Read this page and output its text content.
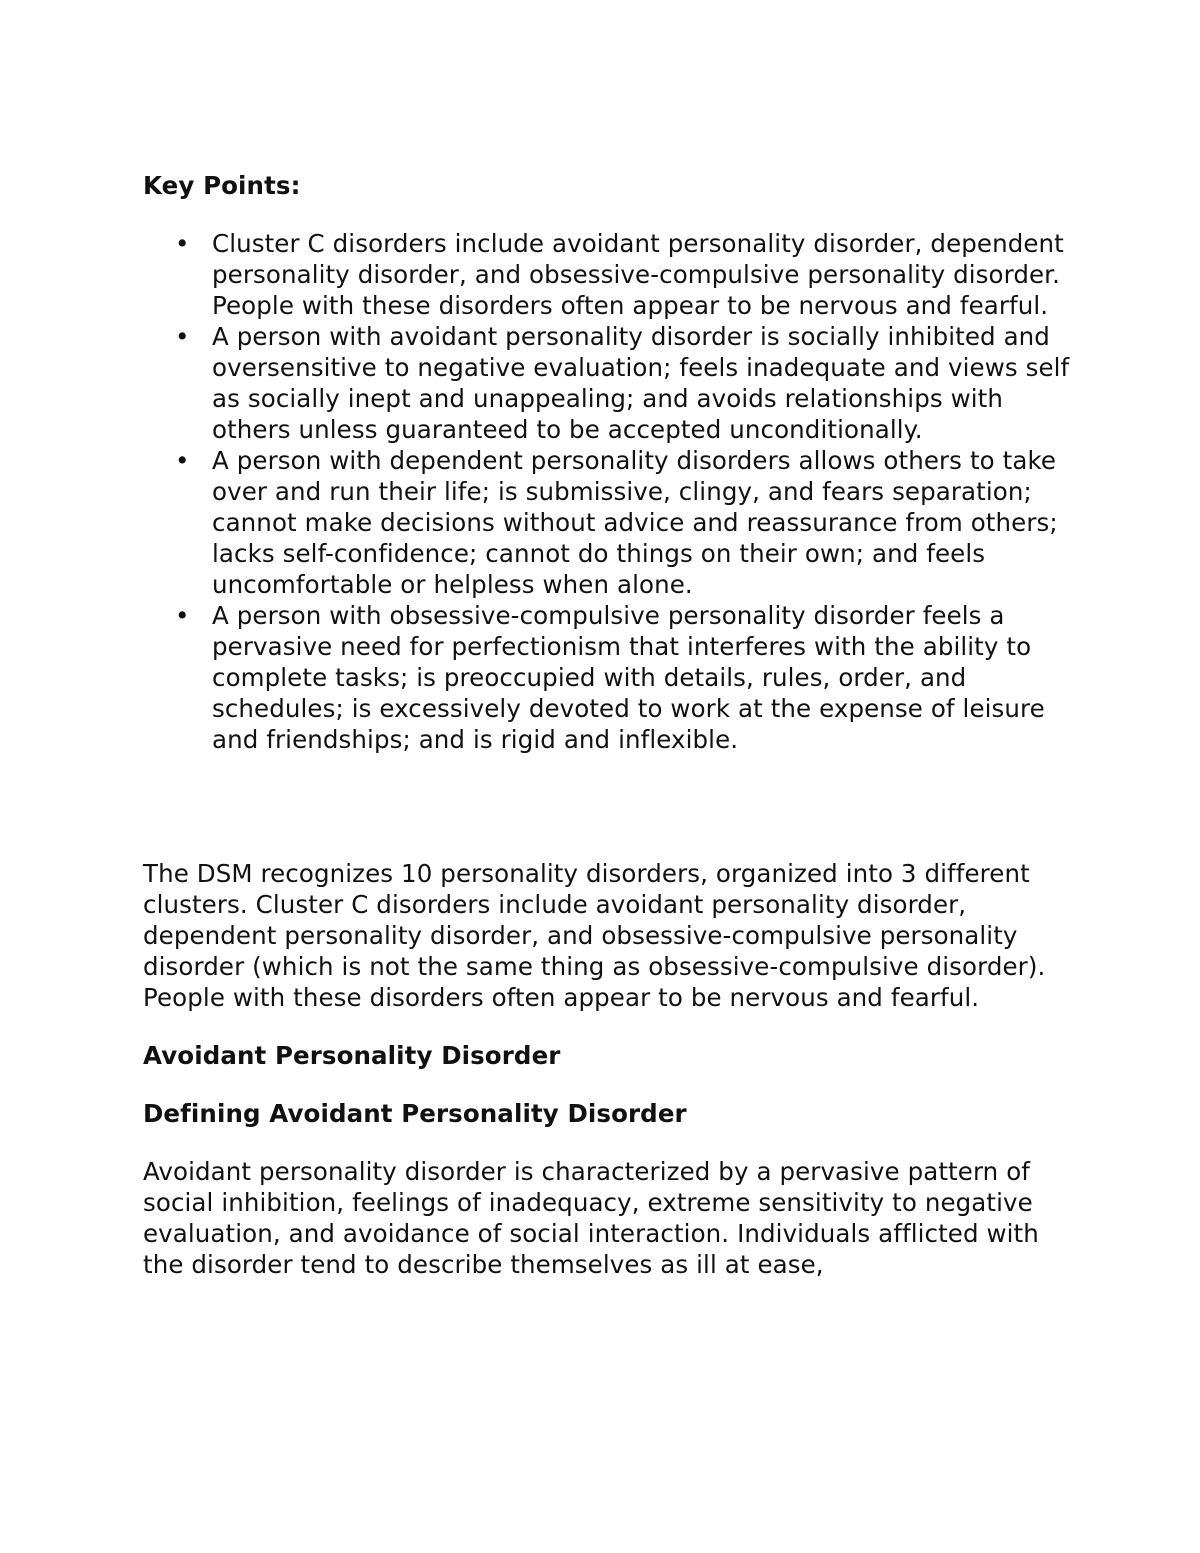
Key Points:
• Cluster C disorders include avoidant personality disorder, dependent personality disorder, and obsessive-compulsive personality disorder. People with these disorders often appear to be nervous and fearful.
• A person with avoidant personality disorder is socially inhibited and oversensitive to negative evaluation; feels inadequate and views self as socially inept and unappealing; and avoids relationships with others unless guaranteed to be accepted unconditionally.
• A person with dependent personality disorders allows others to take over and run their life; is submissive, clingy, and fears separation; cannot make decisions without advice and reassurance from others; lacks self-confidence; cannot do things on their own; and feels uncomfortable or helpless when alone.
• A person with obsessive-compulsive personality disorder feels a pervasive need for perfectionism that interferes with the ability to complete tasks; is preoccupied with details, rules, order, and schedules; is excessively devoted to work at the expense of leisure and friendships; and is rigid and inflexible.

The DSM recognizes 10 personality disorders, organized into 3 different clusters. Cluster C disorders include avoidant personality disorder, dependent personality disorder, and obsessive-compulsive personality disorder (which is not the same thing as obsessive-compulsive disorder). People with these disorders often appear to be nervous and fearful.

Avoidant Personality Disorder
Defining Avoidant Personality Disorder

Avoidant personality disorder is characterized by a pervasive pattern of social inhibition, feelings of inadequacy, extreme sensitivity to negative evaluation, and avoidance of social interaction. Individuals afflicted with the disorder tend to describe themselves as ill at ease,
